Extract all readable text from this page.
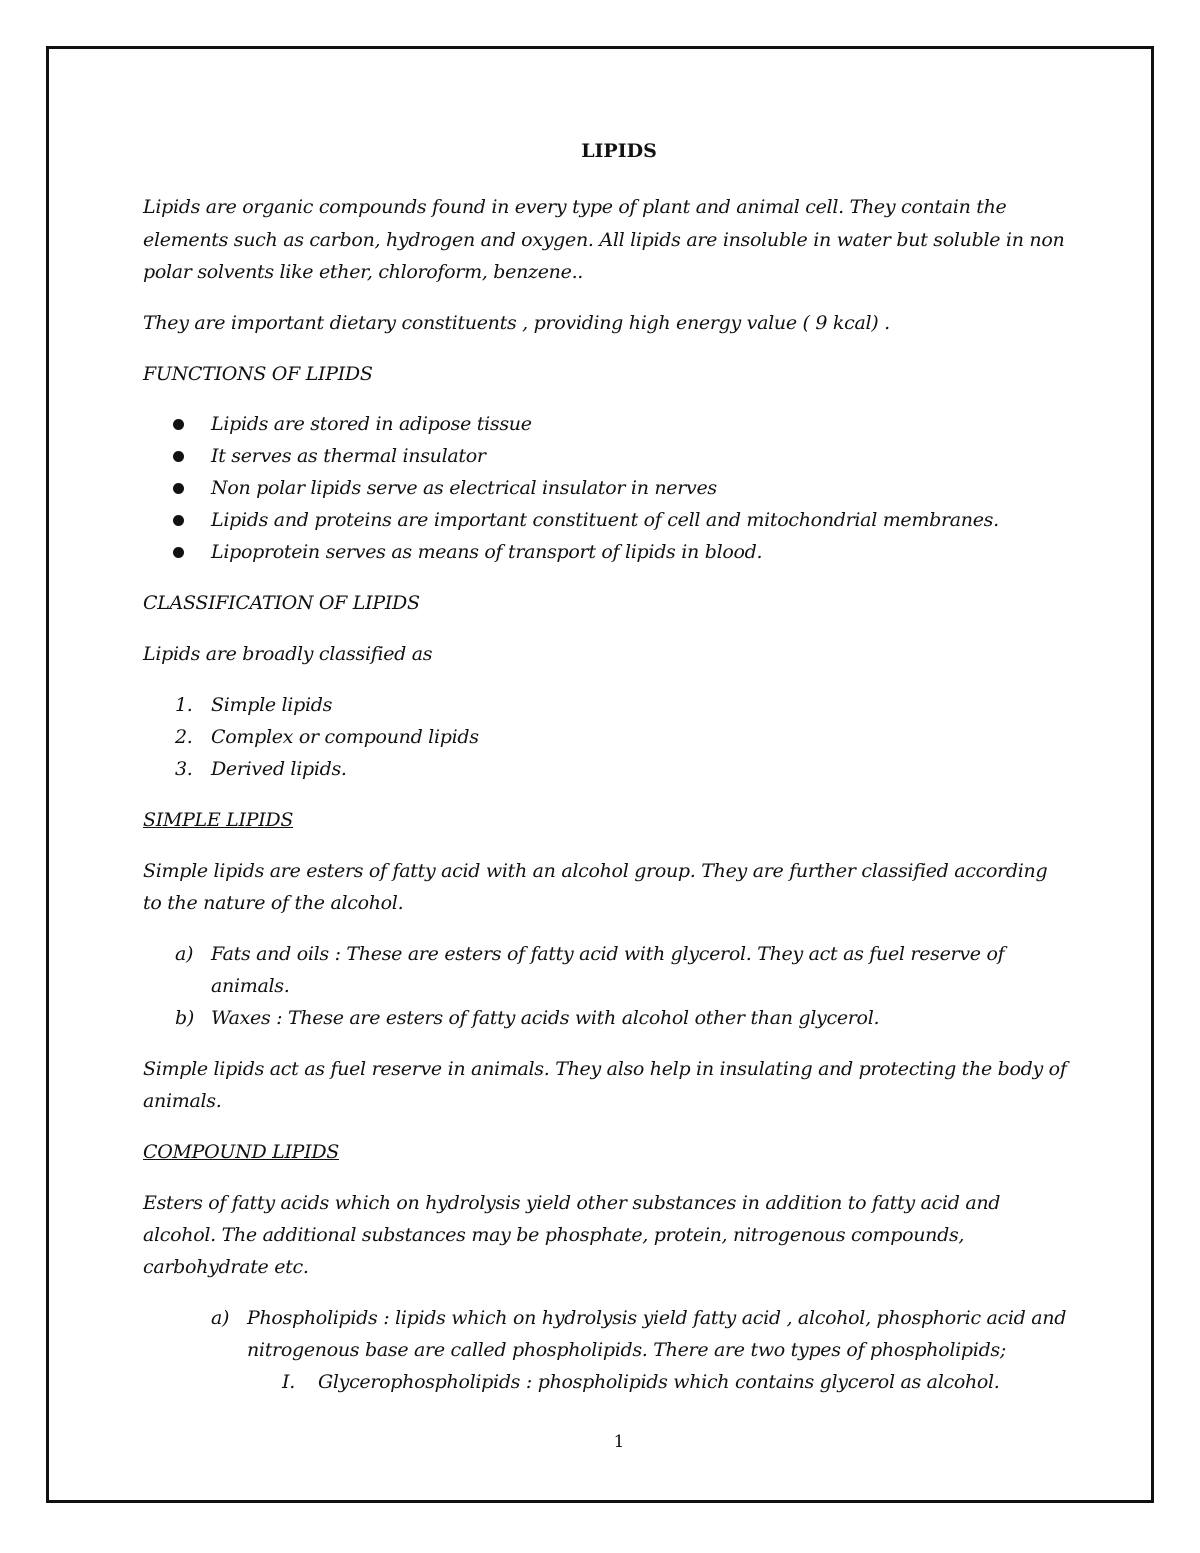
LIPIDS
Lipids are organic compounds found in every type of plant and animal cell. They contain the
elements such as carbon, hydrogen and oxygen. All lipids are insoluble in water but soluble in non
polar solvents like ether, chloroform, benzene..
They are important dietary constituents , providing high energy value ( 9 kcal) .
FUNCTIONS OF LIPIDS
Lipids are stored in adipose tissue
It serves as thermal insulator
Non polar lipids serve as electrical insulator in nerves
Lipids and proteins are important constituent of cell and mitochondrial membranes.
Lipoprotein serves as means of transport of lipids in blood.
CLASSIFICATION OF LIPIDS
Lipids are broadly classified as
1. Simple lipids
2. Complex or compound lipids
3. Derived lipids.
SIMPLE LIPIDS
Simple lipids are esters of fatty acid with an alcohol group. They are further classified according
to the nature of the alcohol.
a) Fats and oils : These are esters of fatty acid with glycerol. They act as fuel reserve of
animals.
b) Waxes : These are esters of fatty acids with alcohol other than glycerol.
Simple lipids act as fuel reserve in animals. They also help in insulating and protecting the body of
animals.
COMPOUND LIPIDS
Esters of fatty acids which on hydrolysis yield other substances in addition to fatty acid and
alcohol. The additional substances may be phosphate, protein, nitrogenous compounds,
carbohydrate etc.
a) Phospholipids : lipids which on hydrolysis yield fatty acid , alcohol, phosphoric acid and
nitrogenous base are called phospholipids. There are two types of phospholipids;
I. Glycerophospholipids : phospholipids which contains glycerol as alcohol.
1
